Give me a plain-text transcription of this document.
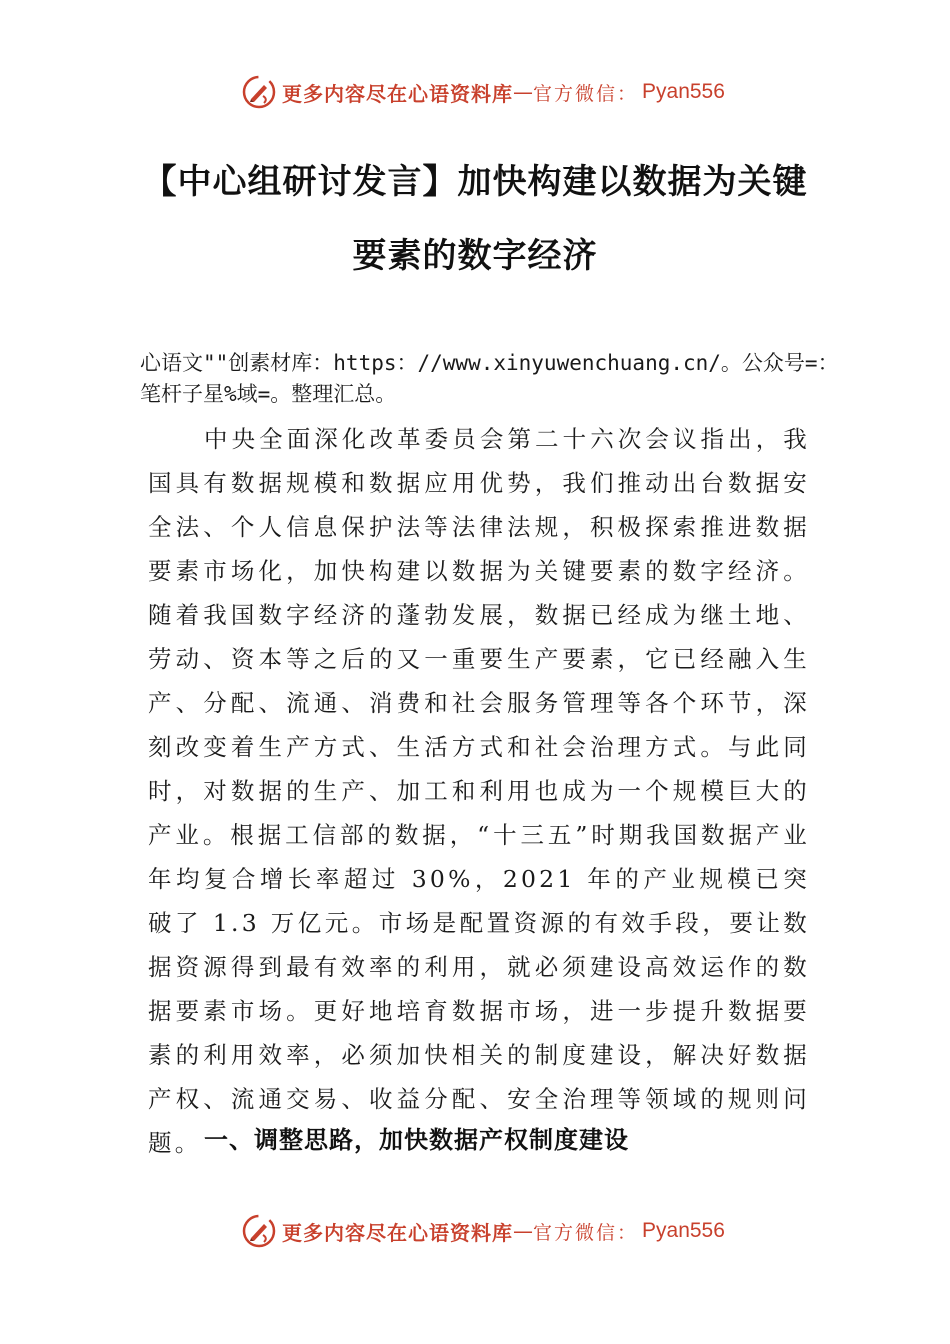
更多内容尽在心语资料库 — 官方微信： Pyan556
【中心组研讨发言】加快构建以数据为关键
要素的数字经济
心语文""创素材库：https：//www.xinyuwenchuang.cn/。公众号=：笔杆子星%域=。整理汇总。

中央全面深化改革委员会第二十六次会议指出，我国具有数据规模和数据应用优势，我们推动出台数据安全法、个人信息保护法等法律法规，积极探索推进数据要素市场化，加快构建以数据为关键要素的数字经济。随着我国数字经济的蓬勃发展，数据已经成为继土地、劳动、资本等之后的又一重要生产要素，它已经融入生产、分配、流通、消费和社会服务管理等各个环节，深刻改变着生产方式、生活方式和社会治理方式。与此同时，对数据的生产、加工和利用也成为一个规模巨大的产业。根据工信部的数据，“十三五”时期我国数据产业年均复合增长率超过 30%，2021 年的产业规模已突破了 1.3 万亿元。市场是配置资源的有效手段，要让数据资源得到最有效率的利用，就必须建设高效运作的数据要素市场。更好地培育数据市场，进一步提升数据要素的利用效率，必须加快相关的制度建设，解决好数据产权、流通交易、收益分配、安全治理等领域的规则问题。 一、调整思路，加快数据产权制度建设
更多内容尽在心语资料库 — 官方微信： Pyan556
